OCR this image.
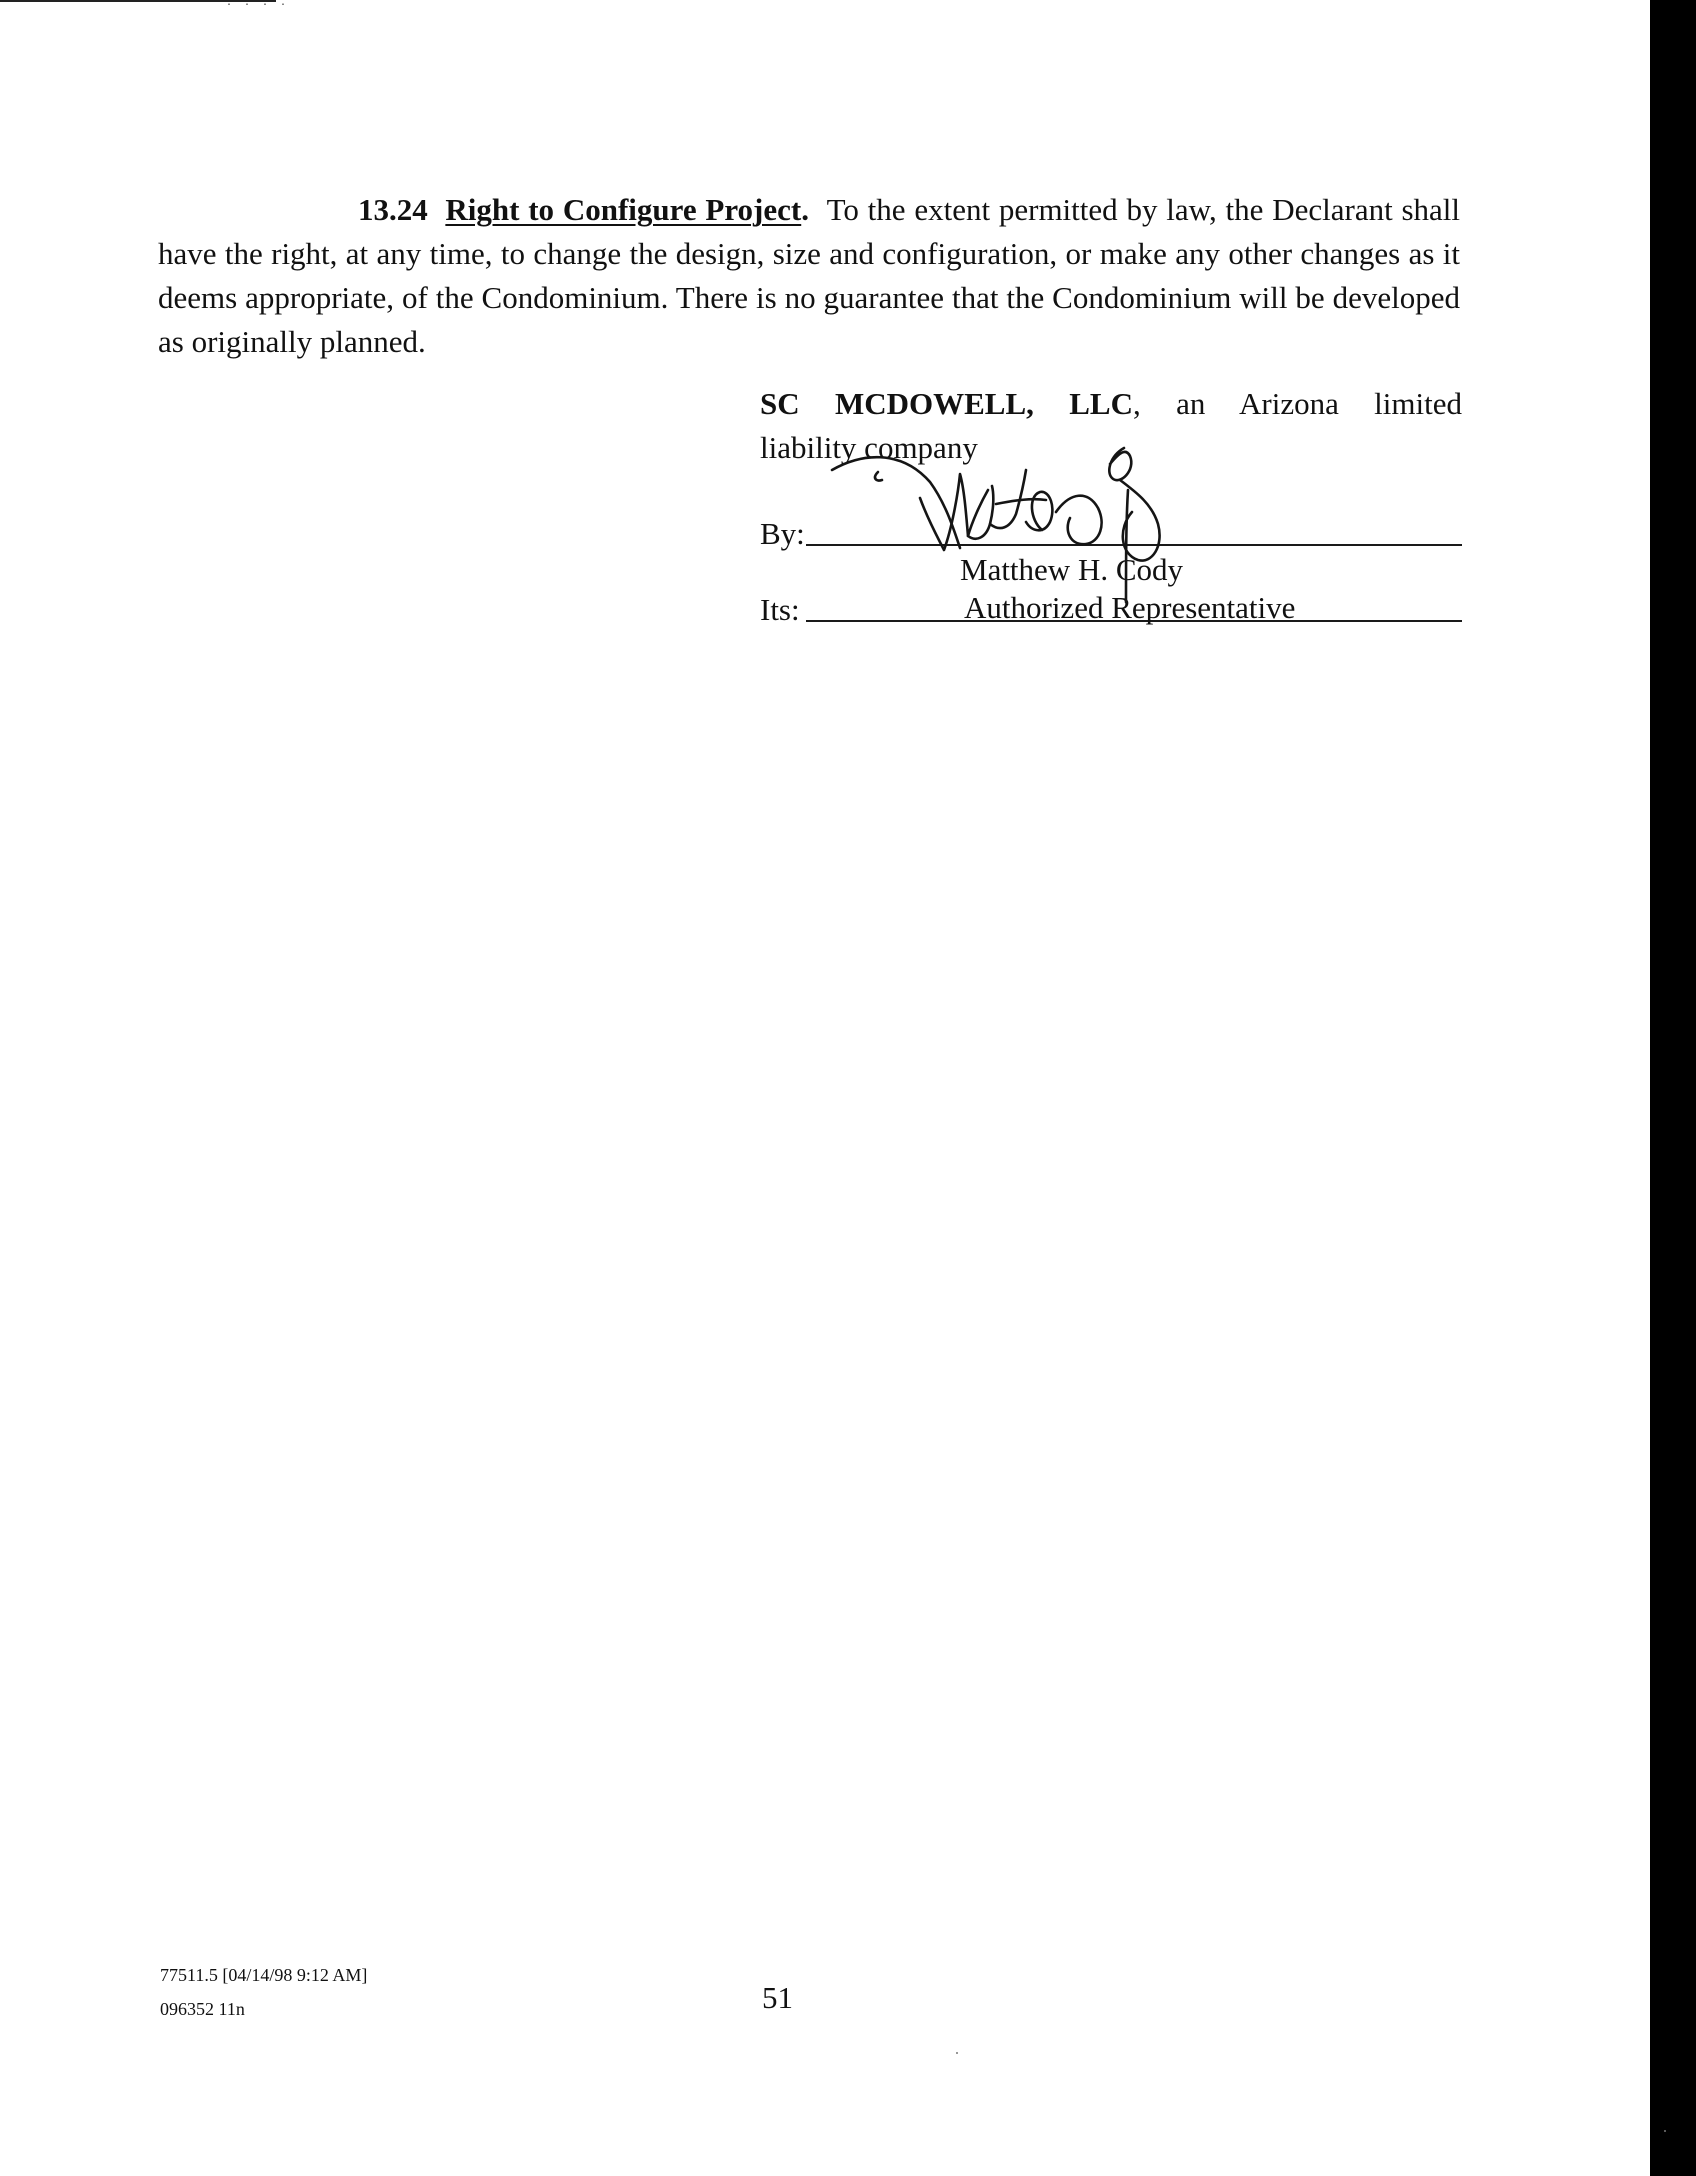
. . . .

13.24 Right to Configure Project. To the extent permitted by law, the Declarant shall have the right, at any time, to change the design, size and configuration, or make any other changes as it deems appropriate, of the Condominium. There is no guarantee that the Condominium will be developed as originally planned.

SC MCDOWELL, LLC, an Arizona limited

liability company

By:
Matthew H. Cody
Its:	Authorized Representative
77511.5 [04/14/98 9:12 AM]
096352 11n	51
